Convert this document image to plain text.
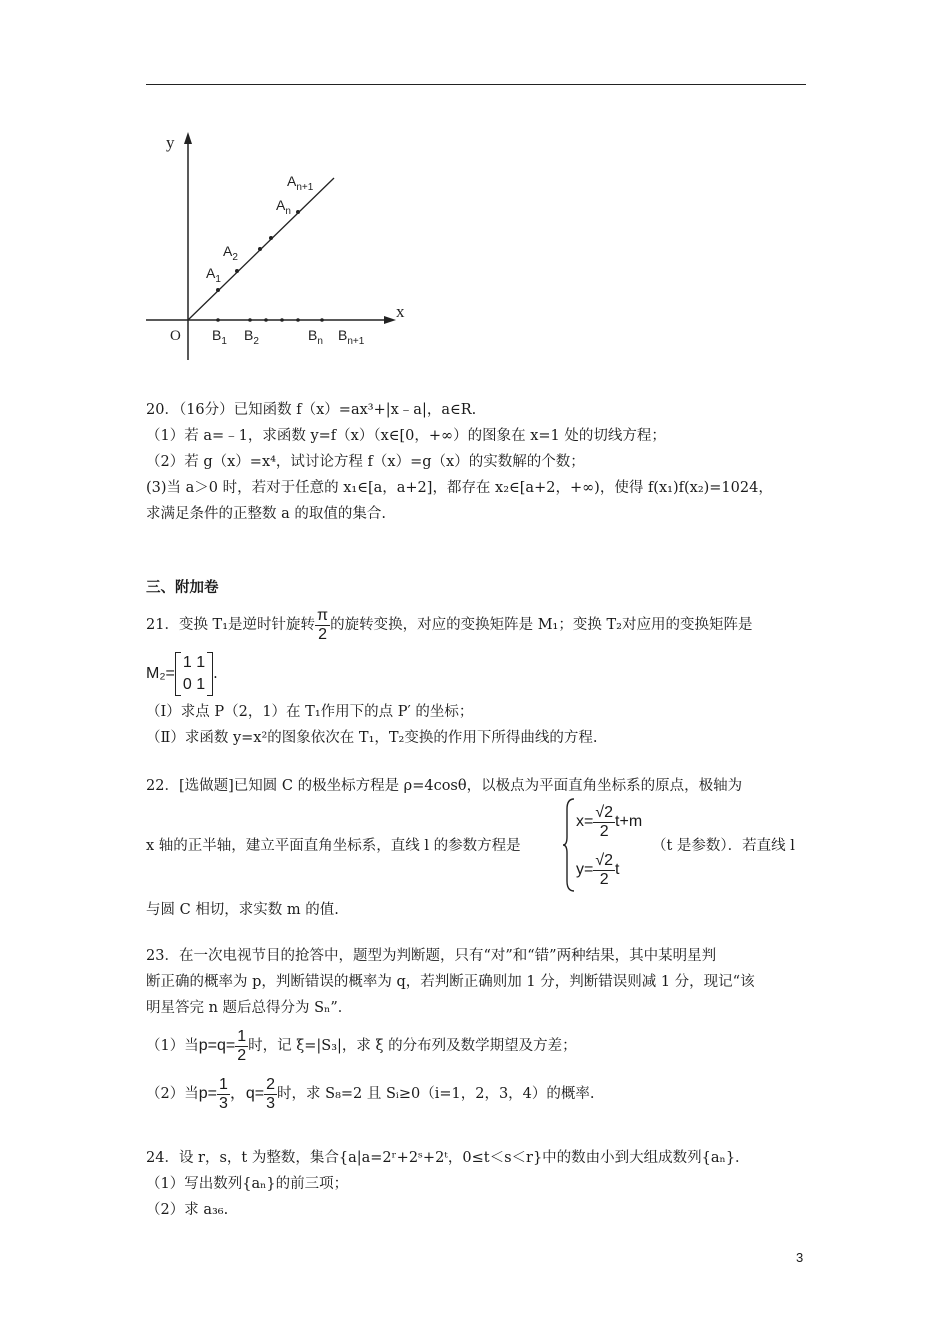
y
x
O
$A_1$
$A_2$
$A_n$
$A_{n+1}$
$B_1$ $B_2$	$B_n$ $B_{n+1}$
20．（16分）已知函数 f（x）=ax³+|x﹣a|，a∈R.
（1）若 a=﹣1，求函数 y=f（x）（x∈[0，+∞）的图象在 x=1 处的切线方程；
（2）若 g（x）=x⁴，试讨论方程 f（x）=g（x）的实数解的个数；
(3)当 a＞0 时，若对于任意的 x₁∈[a，a+2]，都存在 x₂∈[a+2，+∞)，使得 f(x₁)f(x₂)=1024，
求满足条件的正整数 a 的取值的集合.
三、附加卷
21．变换 T₁是逆时针旋转 $\frac{\pi}{2}$ 的旋转变换，对应的变换矩阵是 M₁；变换 T₂对应用的变换矩阵是
M₂=
1 1
0 1
.
（Ⅰ）求点 P（2，1）在 T₁作用下的点 P′ 的坐标；
（Ⅱ）求函数 y=x²的图象依次在 T₁，T₂变换的作用下所得曲线的方程.
22．[选做题]已知圆 C 的极坐标方程是 ρ=4cosθ，以极点为平面直角坐标系的原点，极轴为
x 轴的正半轴，建立平面直角坐标系，直线 l 的参数方程是
$x= \frac{√2}{2} t+m$
$y= \frac{√2}{2}$ t
（t 是参数）．若直线 l
与圆 C 相切，求实数 m 的值.
23．在一次电视节目的抢答中，题型为判断题，只有“对”和“错”两种结果，其中某明星判
断正确的概率为 p，判断错误的概率为 q，若判断正确则加 1 分，判断错误则减 1 分，现记“该
明星答完 n 题后总得分为 Sₙ”．
（1）当 $p=q= \frac{1}{2}$ 时，记 ξ=|S₃|，求 ξ 的分布列及数学期望及方差；
（2）当 $p= \frac{1}{3}$ ，$q= \frac{2}{3}$ 时，求 S₈=2 且 Sᵢ≥0（i=1，2，3，4）的概率.
24．设 r，s，t 为整数，集合{a|a=2ʳ+2ˢ+2ᵗ，0≤t＜s＜r}中的数由小到大组成数列{aₙ}．
（1）写出数列{aₙ}的前三项；
（2）求 a₃₆.
3
